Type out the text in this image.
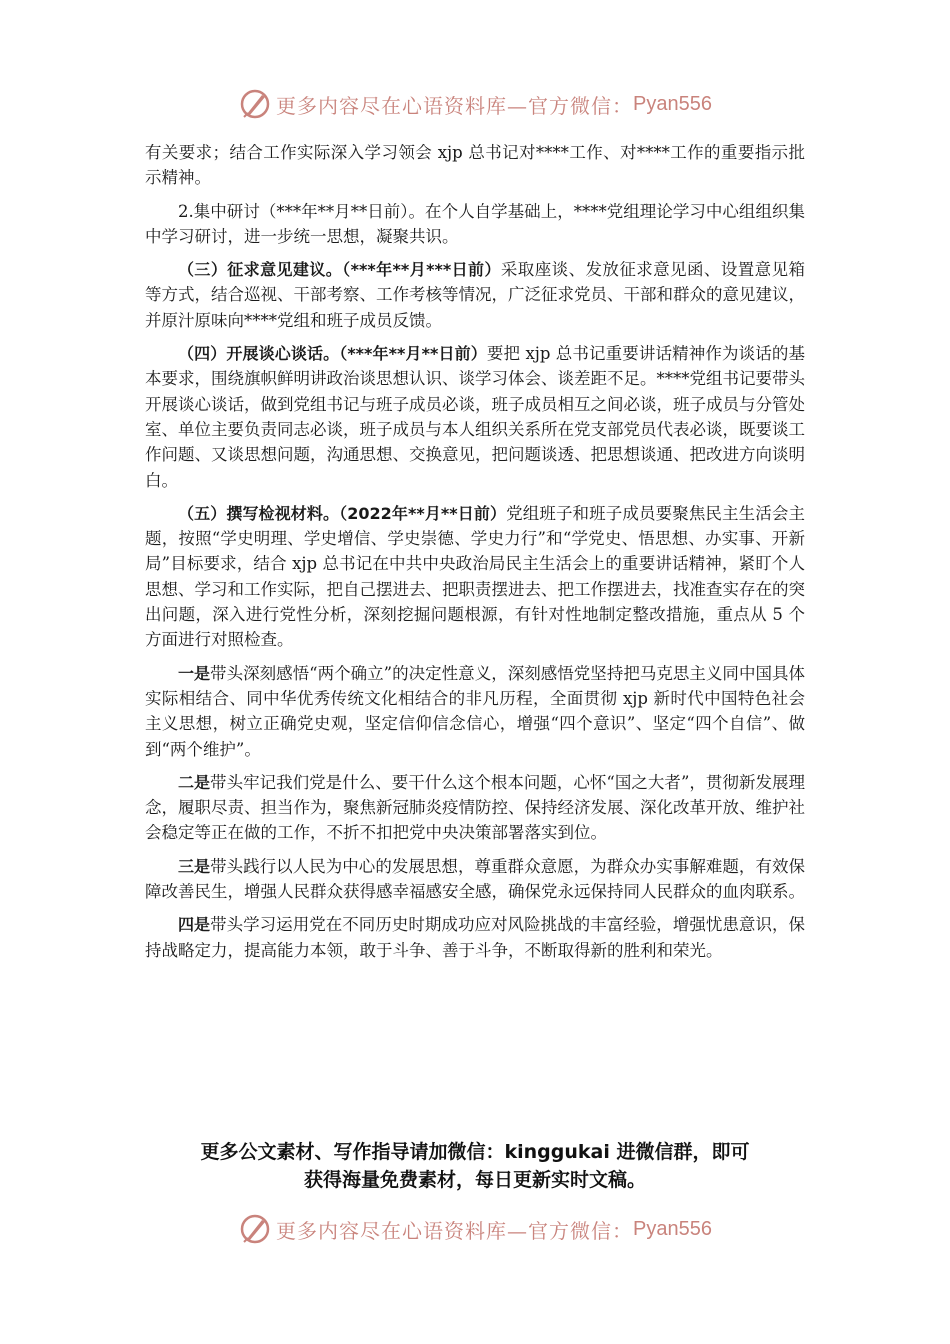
更多内容尽在心语资料库—官方微信： Pyan556

有关要求；结合工作实际深入学习领会 xjp 总书记对****工作、对****工作的重要指示批示精神。

2.集中研讨（***年**月**日前）。在个人自学基础上，****党组理论学习中心组组织集中学习研讨，进一步统一思想，凝聚共识。

（三）征求意见建议。（***年**月***日前）采取座谈、发放征求意见函、设置意见箱等方式，结合巡视、干部考察、工作考核等情况，广泛征求党员、干部和群众的意见建议，并原汁原味向****党组和班子成员反馈。

（四）开展谈心谈话。（***年**月**日前）要把 xjp 总书记重要讲话精神作为谈话的基本要求，围绕旗帜鲜明讲政治谈思想认识、谈学习体会、谈差距不足。****党组书记要带头开展谈心谈话，做到党组书记与班子成员必谈，班子成员相互之间必谈，班子成员与分管处室、单位主要负责同志必谈，班子成员与本人组织关系所在党支部党员代表必谈，既要谈工作问题、又谈思想问题，沟通思想、交换意见，把问题谈透、把思想谈通、把改进方向谈明白。

（五）撰写检视材料。（2022年**月**日前）党组班子和班子成员要聚焦民主生活会主题，按照“学史明理、学史增信、学史崇德、学史力行”和“学党史、悟思想、办实事、开新局”目标要求，结合 xjp 总书记在中共中央政治局民主生活会上的重要讲话精神，紧盯个人思想、学习和工作实际，把自己摆进去、把职责摆进去、把工作摆进去，找准查实存在的突出问题，深入进行党性分析，深刻挖掘问题根源，有针对性地制定整改措施，重点从 5 个方面进行对照检查。

一是带头深刻感悟“两个确立”的决定性意义，深刻感悟党坚持把马克思主义同中国具体实际相结合、同中华优秀传统文化相结合的非凡历程，全面贯彻 xjp 新时代中国特色社会主义思想，树立正确党史观，坚定信仰信念信心，增强“四个意识”、坚定“四个自信”、做到“两个维护”。

二是带头牢记我们党是什么、要干什么这个根本问题，心怀“国之大者”，贯彻新发展理念，履职尽责、担当作为，聚焦新冠肺炎疫情防控、保持经济发展、深化改革开放、维护社会稳定等正在做的工作，不折不扣把党中央决策部署落实到位。

三是带头践行以人民为中心的发展思想，尊重群众意愿，为群众办实事解难题，有效保障改善民生，增强人民群众获得感幸福感安全感，确保党永远保持同人民群众的血肉联系。

四是带头学习运用党在不同历史时期成功应对风险挑战的丰富经验，增强忧患意识，保持战略定力，提高能力本领，敢于斗争、善于斗争，不断取得新的胜利和荣光。

更多公文素材、写作指导请加微信：kinggukai 进微信群，即可
获得海量免费素材，每日更新实时文稿。
更多内容尽在心语资料库—官方微信： Pyan556
